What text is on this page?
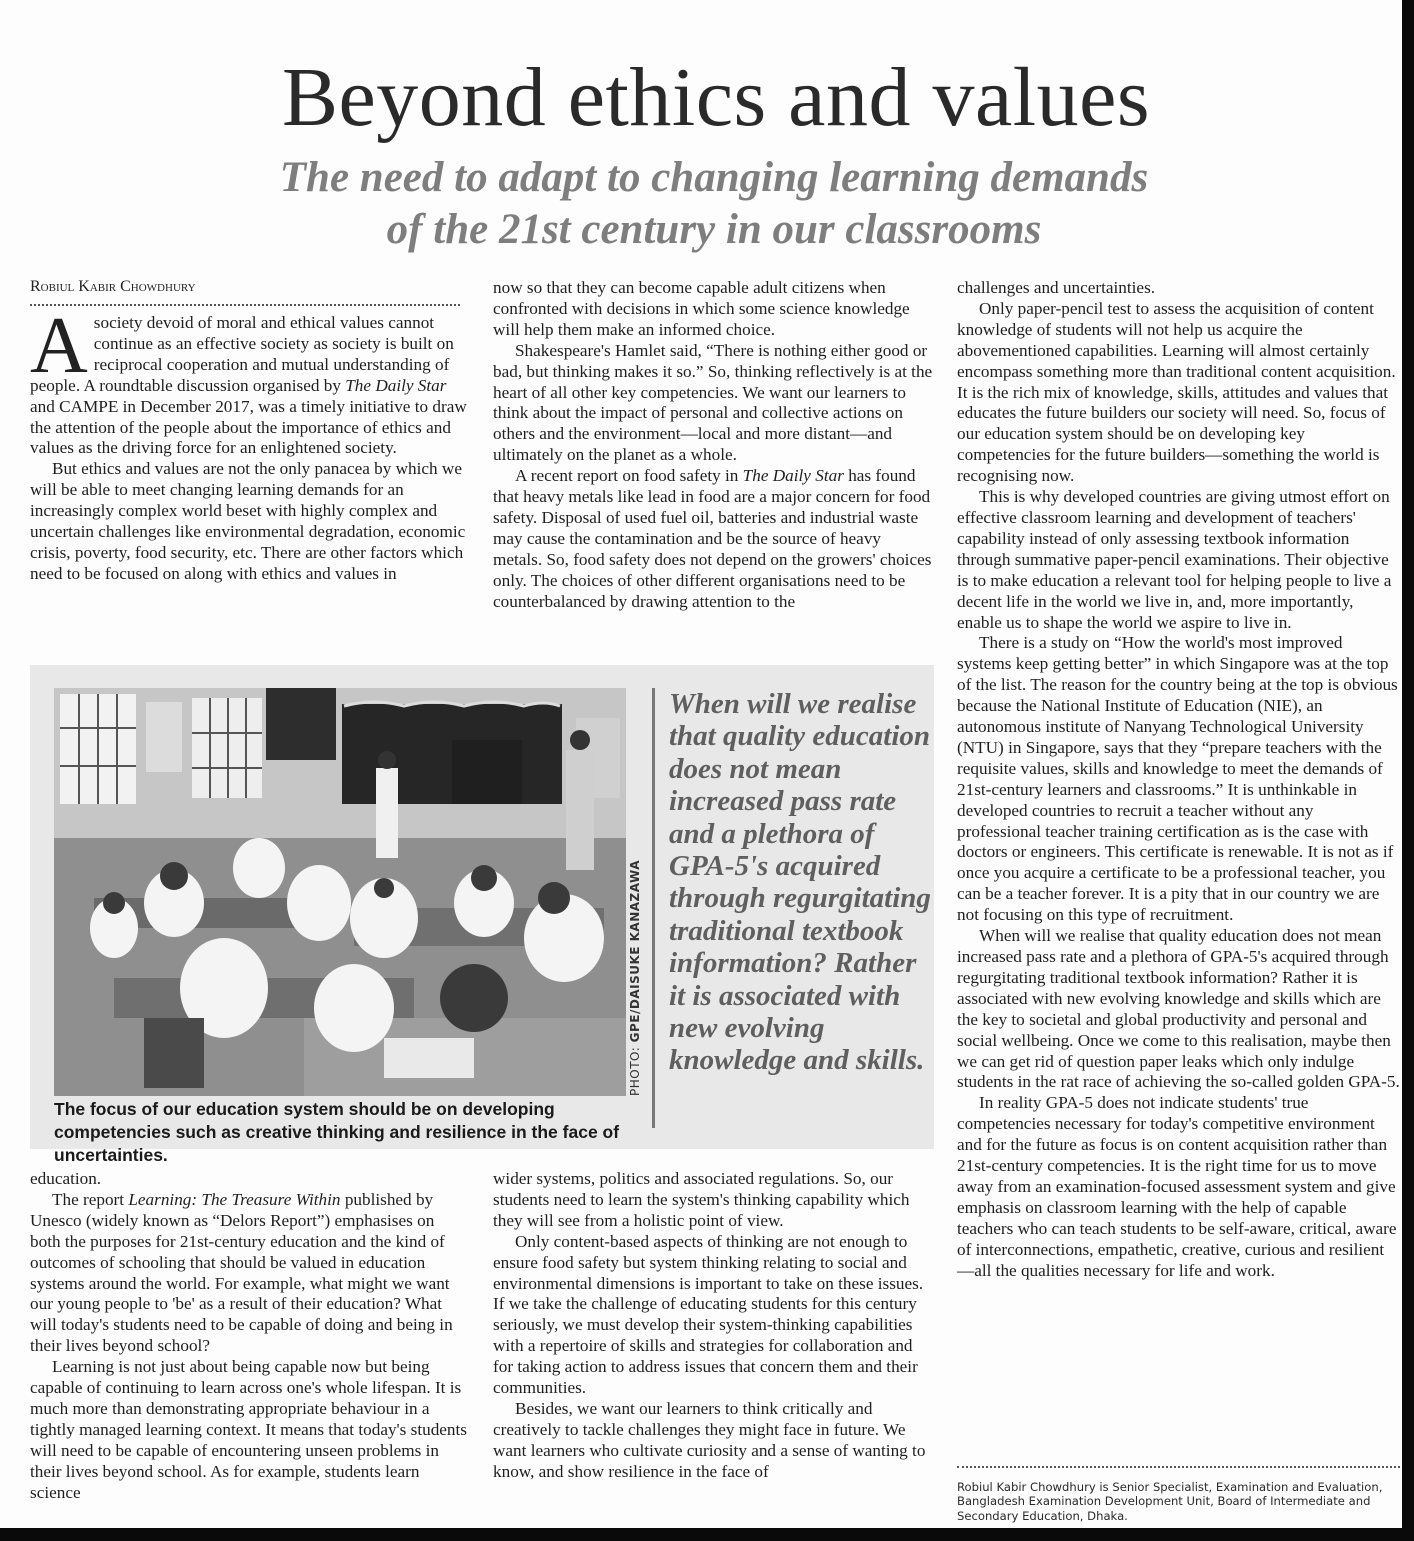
Beyond ethics and values
The need to adapt to changing learning demands
of the 21st century in our classrooms
Robiul Kabir Chowdhury

A society devoid of moral and ethical values cannot continue as an effective society as society is built on reciprocal cooperation and mutual understanding of people. A roundtable discussion organised by The Daily Star and CAMPE in December 2017, was a timely initiative to draw the attention of the people about the importance of ethics and values as the driving force for an enlightened society.

But ethics and values are not the only panacea by which we will be able to meet changing learning demands for an increasingly complex world beset with highly complex and uncertain challenges like environmental degradation, economic crisis, poverty, food security, etc. There are other factors which need to be focused on along with ethics and values in

now so that they can become capable adult citizens when confronted with decisions in which some science knowledge will help them make an informed choice.

Shakespeare's Hamlet said, “There is nothing either good or bad, but thinking makes it so.” So, thinking reflectively is at the heart of all other key competencies. We want our learners to think about the impact of personal and collective actions on others and the environment—local and more distant—and ultimately on the planet as a whole.

A recent report on food safety in The Daily Star has found that heavy metals like lead in food are a major concern for food safety. Disposal of used fuel oil, batteries and industrial waste may cause the contamination and be the source of heavy metals. So, food safety does not depend on the growers' choices only. The choices of other different organisations need to be counterbalanced by drawing attention to the

PHOTO: GPE/DAISUKE KANAZAWA
The focus of our education system should be on developing competencies such as creative thinking and resilience in the face of uncertainties.
When will we realise that quality education does not mean increased pass rate and a plethora of GPA-5's acquired through regurgitating traditional textbook information? Rather it is associated with new evolving knowledge and skills.

education.

The report Learning: The Treasure Within published by Unesco (widely known as “Delors Report”) emphasises on both the purposes for 21st-century education and the kind of outcomes of schooling that should be valued in education systems around the world. For example, what might we want our young people to 'be' as a result of their education? What will today's students need to be capable of doing and being in their lives beyond school?

Learning is not just about being capable now but being capable of continuing to learn across one's whole lifespan. It is much more than demonstrating appropriate behaviour in a tightly managed learning context. It means that today's students will need to be capable of encountering unseen problems in their lives beyond school. As for example, students learn science

wider systems, politics and associated regulations. So, our students need to learn the system's thinking capability which they will see from a holistic point of view.

Only content-based aspects of thinking are not enough to ensure food safety but system thinking relating to social and environmental dimensions is important to take on these issues. If we take the challenge of educating students for this century seriously, we must develop their system-thinking capabilities with a repertoire of skills and strategies for collaboration and for taking action to address issues that concern them and their communities.

Besides, we want our learners to think critically and creatively to tackle challenges they might face in future. We want learners who cultivate curiosity and a sense of wanting to know, and show resilience in the face of

challenges and uncertainties.

Only paper-pencil test to assess the acquisition of content knowledge of students will not help us acquire the abovementioned capabilities. Learning will almost certainly encompass something more than traditional content acquisition. It is the rich mix of knowledge, skills, attitudes and values that educates the future builders our society will need. So, focus of our education system should be on developing key competencies for the future builders—something the world is recognising now.

This is why developed countries are giving utmost effort on effective classroom learning and development of teachers' capability instead of only assessing textbook information through summative paper-pencil examinations. Their objective is to make education a relevant tool for helping people to live a decent life in the world we live in, and, more importantly, enable us to shape the world we aspire to live in.

There is a study on “How the world's most improved systems keep getting better” in which Singapore was at the top of the list. The reason for the country being at the top is obvious because the National Institute of Education (NIE), an autonomous institute of Nanyang Technological University (NTU) in Singapore, says that they “prepare teachers with the requisite values, skills and knowledge to meet the demands of 21st-century learners and classrooms.” It is unthinkable in developed countries to recruit a teacher without any professional teacher training certification as is the case with doctors or engineers. This certificate is renewable. It is not as if once you acquire a certificate to be a professional teacher, you can be a teacher forever. It is a pity that in our country we are not focusing on this type of recruitment.

When will we realise that quality education does not mean increased pass rate and a plethora of GPA-5's acquired through regurgitating traditional textbook information? Rather it is associated with new evolving knowledge and skills which are the key to societal and global productivity and personal and social wellbeing. Once we come to this realisation, maybe then we can get rid of question paper leaks which only indulge students in the rat race of achieving the so-called golden GPA-5.

In reality GPA-5 does not indicate students' true competencies necessary for today's competitive environment and for the future as focus is on content acquisition rather than 21st-century competencies. It is the right time for us to move away from an examination-focused assessment system and give emphasis on classroom learning with the help of capable teachers who can teach students to be self-aware, critical, aware of interconnections, empathetic, creative, curious and resilient—all the qualities necessary for life and work.

Robiul Kabir Chowdhury is Senior Specialist, Examination and Evaluation, Bangladesh Examination Development Unit, Board of Intermediate and Secondary Education, Dhaka.
